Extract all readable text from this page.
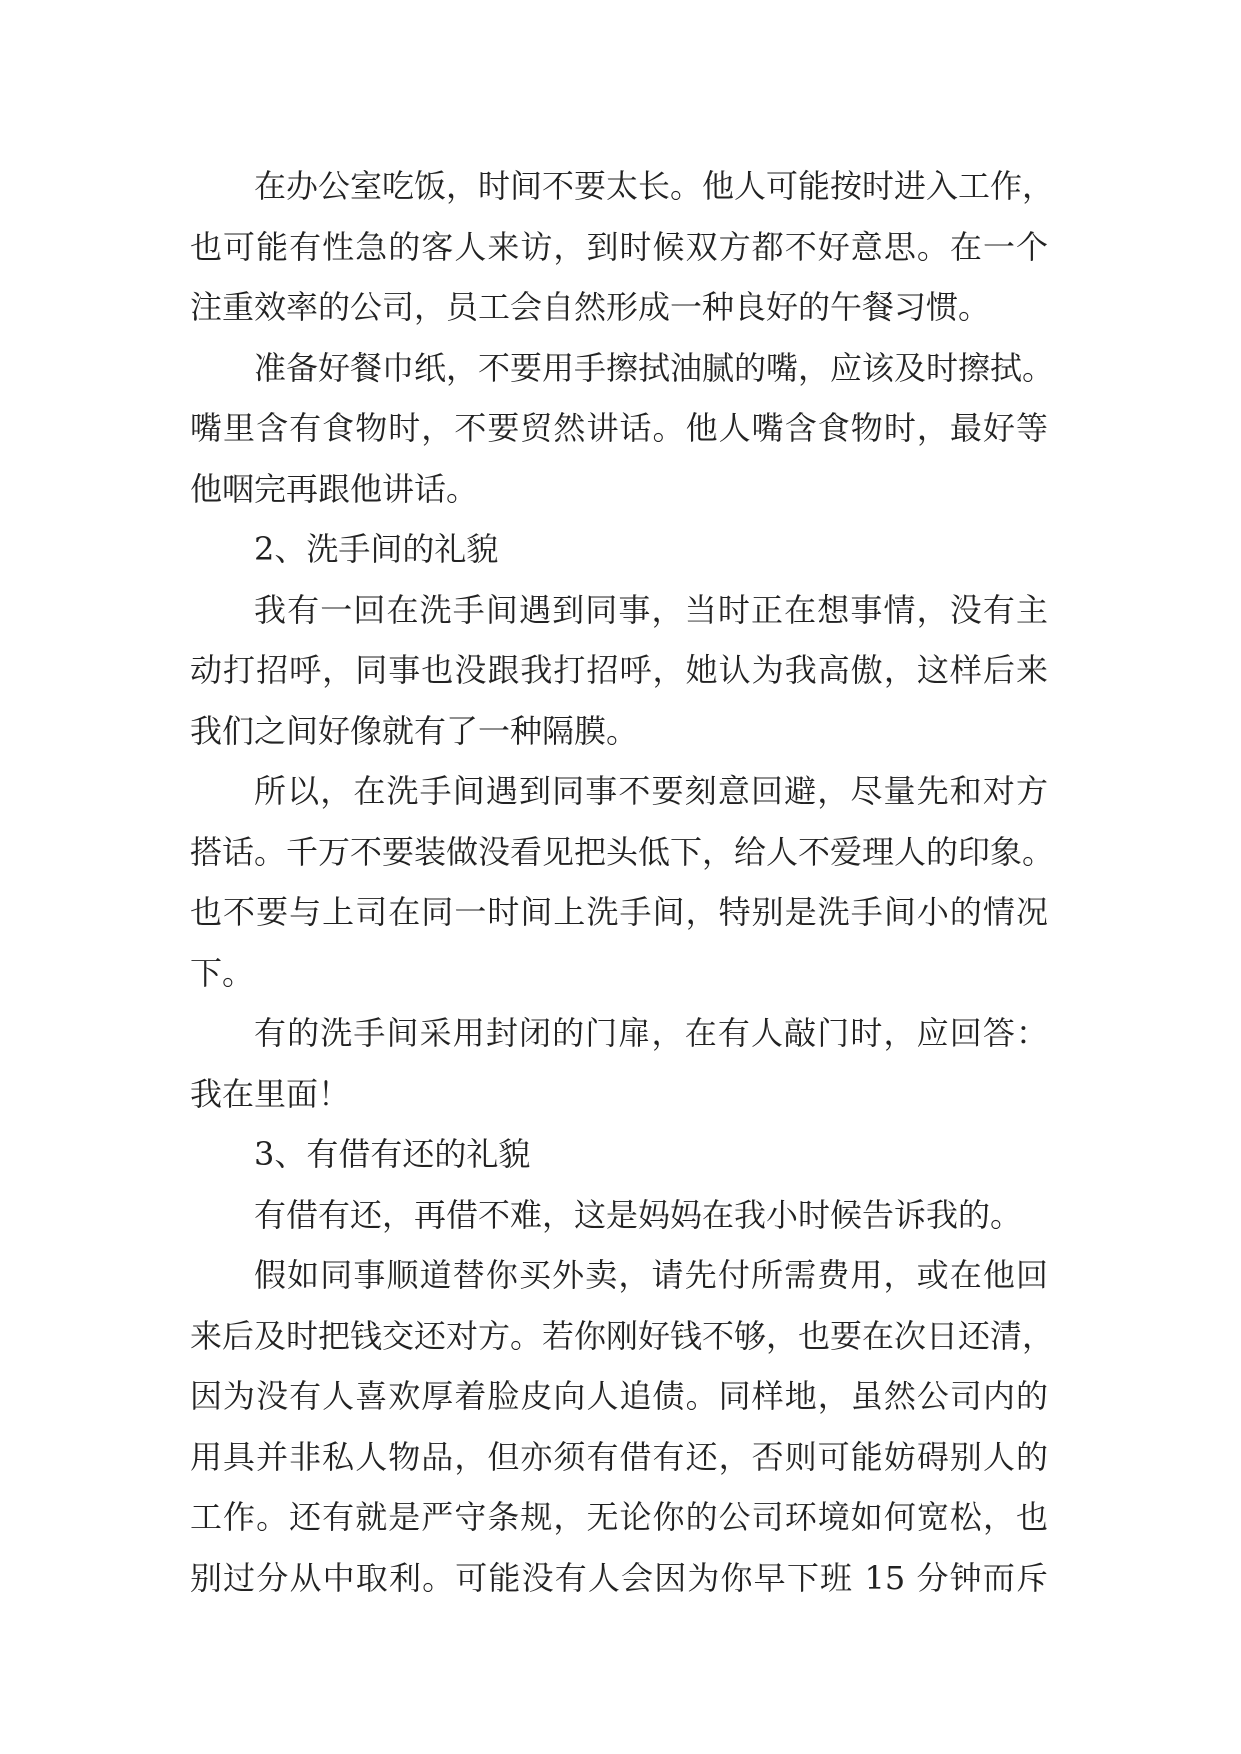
在办公室吃饭，时间不要太长。他人可能按时进入工作，
也可能有性急的客人来访，到时候双方都不好意思。在一个
注重效率的公司，员工会自然形成一种良好的午餐习惯。
准备好餐巾纸，不要用手擦拭油腻的嘴，应该及时擦拭。
嘴里含有食物时，不要贸然讲话。他人嘴含食物时，最好等
他咽完再跟他讲话。
2、洗手间的礼貌
我有一回在洗手间遇到同事，当时正在想事情，没有主
动打招呼，同事也没跟我打招呼，她认为我高傲，这样后来
我们之间好像就有了一种隔膜。
所以，在洗手间遇到同事不要刻意回避，尽量先和对方
搭话。千万不要装做没看见把头低下，给人不爱理人的印象。
也不要与上司在同一时间上洗手间，特别是洗手间小的情况
下。
有的洗手间采用封闭的门扉，在有人敲门时，应回答：
我在里面！
3、有借有还的礼貌
有借有还，再借不难，这是妈妈在我小时候告诉我的。
假如同事顺道替你买外卖，请先付所需费用，或在他回
来后及时把钱交还对方。若你刚好钱不够，也要在次日还清，
因为没有人喜欢厚着脸皮向人追债。同样地，虽然公司内的
用具并非私人物品，但亦须有借有还，否则可能妨碍别人的
工作。还有就是严守条规，无论你的公司环境如何宽松，也
别过分从中取利。可能没有人会因为你早下班 15 分钟而斥
